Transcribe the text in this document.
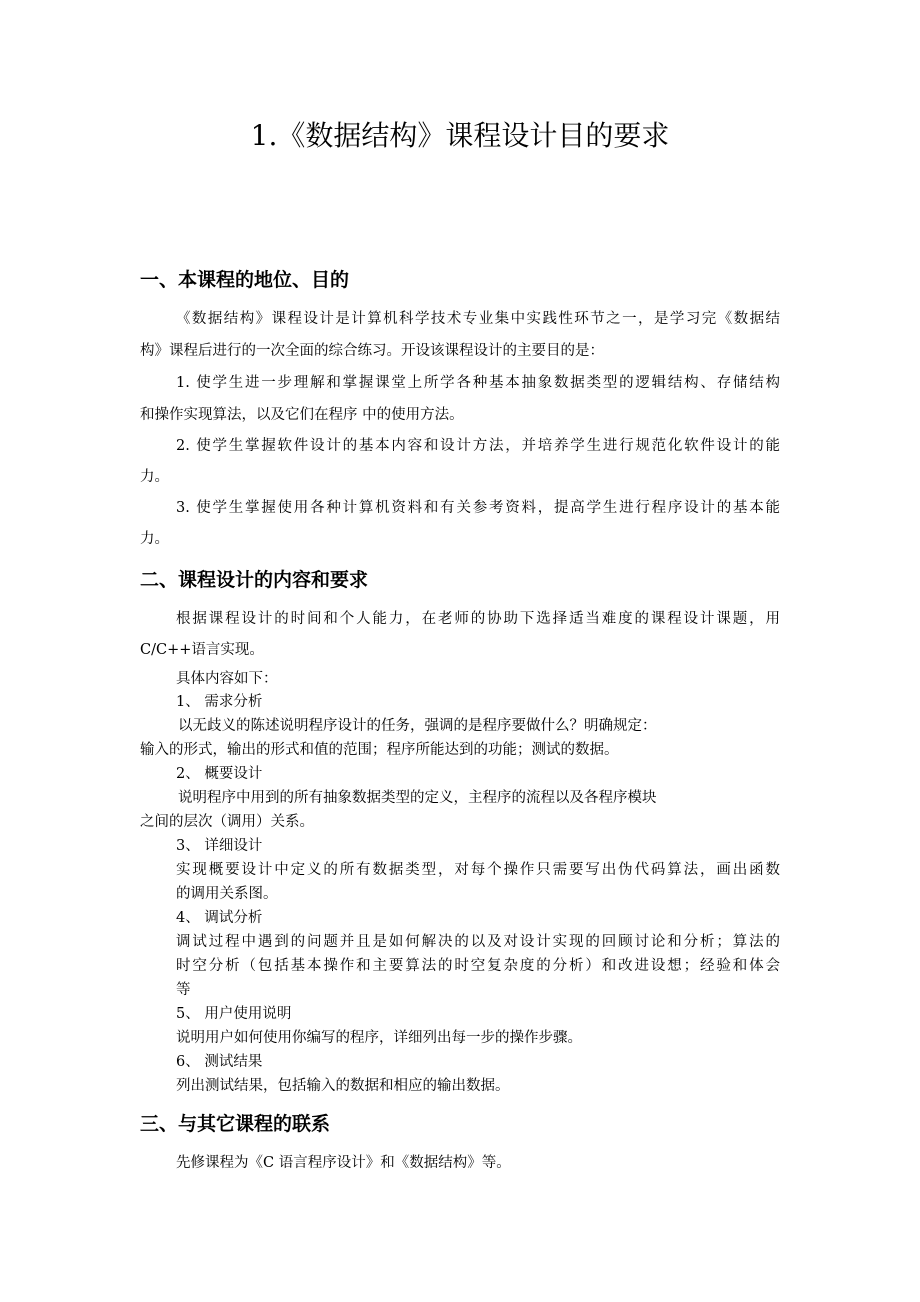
1.《数据结构》课程设计目的要求
一、本课程的地位、目的
《数据结构》课程设计是计算机科学技术专业集中实践性环节之一，是学习完《数据结
构》课程后进行的一次全面的综合练习。开设该课程设计的主要目的是：
1. 使学生进一步理解和掌握课堂上所学各种基本抽象数据类型的逻辑结构、存储结构
和操作实现算法，以及它们在程序 中的使用方法。
2. 使学生掌握软件设计的基本内容和设计方法，并培养学生进行规范化软件设计的能
力。
3. 使学生掌握使用各种计算机资料和有关参考资料，提高学生进行程序设计的基本能
力。
二、课程设计的内容和要求
根据课程设计的时间和个人能力，在老师的协助下选择适当难度的课程设计课题，用
C/C++语言实现。
具体内容如下：
1、 需求分析
以无歧义的陈述说明程序设计的任务，强调的是程序要做什么？明确规定：
输入的形式，输出的形式和值的范围；程序所能达到的功能；测试的数据。
2、 概要设计
说明程序中用到的所有抽象数据类型的定义，主程序的流程以及各程序模块
之间的层次（调用）关系。
3、 详细设计
实现概要设计中定义的所有数据类型，对每个操作只需要写出伪代码算法，画出函数
的调用关系图。
4、 调试分析
调试过程中遇到的问题并且是如何解决的以及对设计实现的回顾讨论和分析；算法的
时空分析（包括基本操作和主要算法的时空复杂度的分析）和改进设想；经验和体会
等
5、 用户使用说明
说明用户如何使用你编写的程序，详细列出每一步的操作步骤。
6、 测试结果
列出测试结果，包括输入的数据和相应的输出数据。
三、与其它课程的联系
先修课程为《C 语言程序设计》和《数据结构》等。
